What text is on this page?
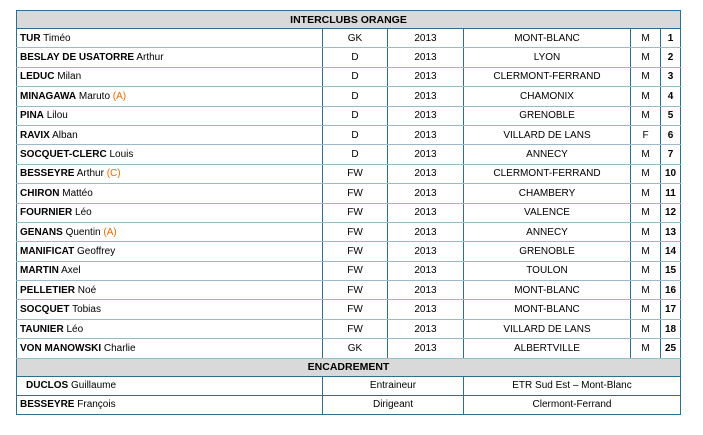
INTERCLUBS ORANGE					
TUR Timéo	GK	2013	MONT-BLANC	M	1
BESLAY DE USATORRE Arthur	D	2013	LYON	M	2
LEDUC Milan	D	2013	CLERMONT-FERRAND	M	3
MINAGAWA Maruto (A)	D	2013	CHAMONIX	M	4
PINA Lilou	D	2013	GRENOBLE	M	5
RAVIX Alban	D	2013	VILLARD DE LANS	F	6
SOCQUET-CLERC Louis	D	2013	ANNECY	M	7
BESSEYRE Arthur (C)	FW	2013	CLERMONT-FERRAND	M	10
CHIRON Mattéo	FW	2013	CHAMBERY	M	11
FOURNIER Léo	FW	2013	VALENCE	M	12
GENANS Quentin (A)	FW	2013	ANNECY	M	13
MANIFICAT Geoffrey	FW	2013	GRENOBLE	M	14
MARTIN Axel	FW	2013	TOULON	M	15
PELLETIER Noé	FW	2013	MONT-BLANC	M	16
SOCQUET Tobias	FW	2013	MONT-BLANC	M	17
TAUNIER Léo	FW	2013	VILLARD DE LANS	M	18
VON MANOWSKI Charlie	GK	2013	ALBERTVILLE	M	25
ENCADREMENT					
DUCLOS Guillaume	Entraineur		ETR Sud Est – Mont-Blanc		
BESSEYRE François	Dirigeant		Clermont-Ferrand		
